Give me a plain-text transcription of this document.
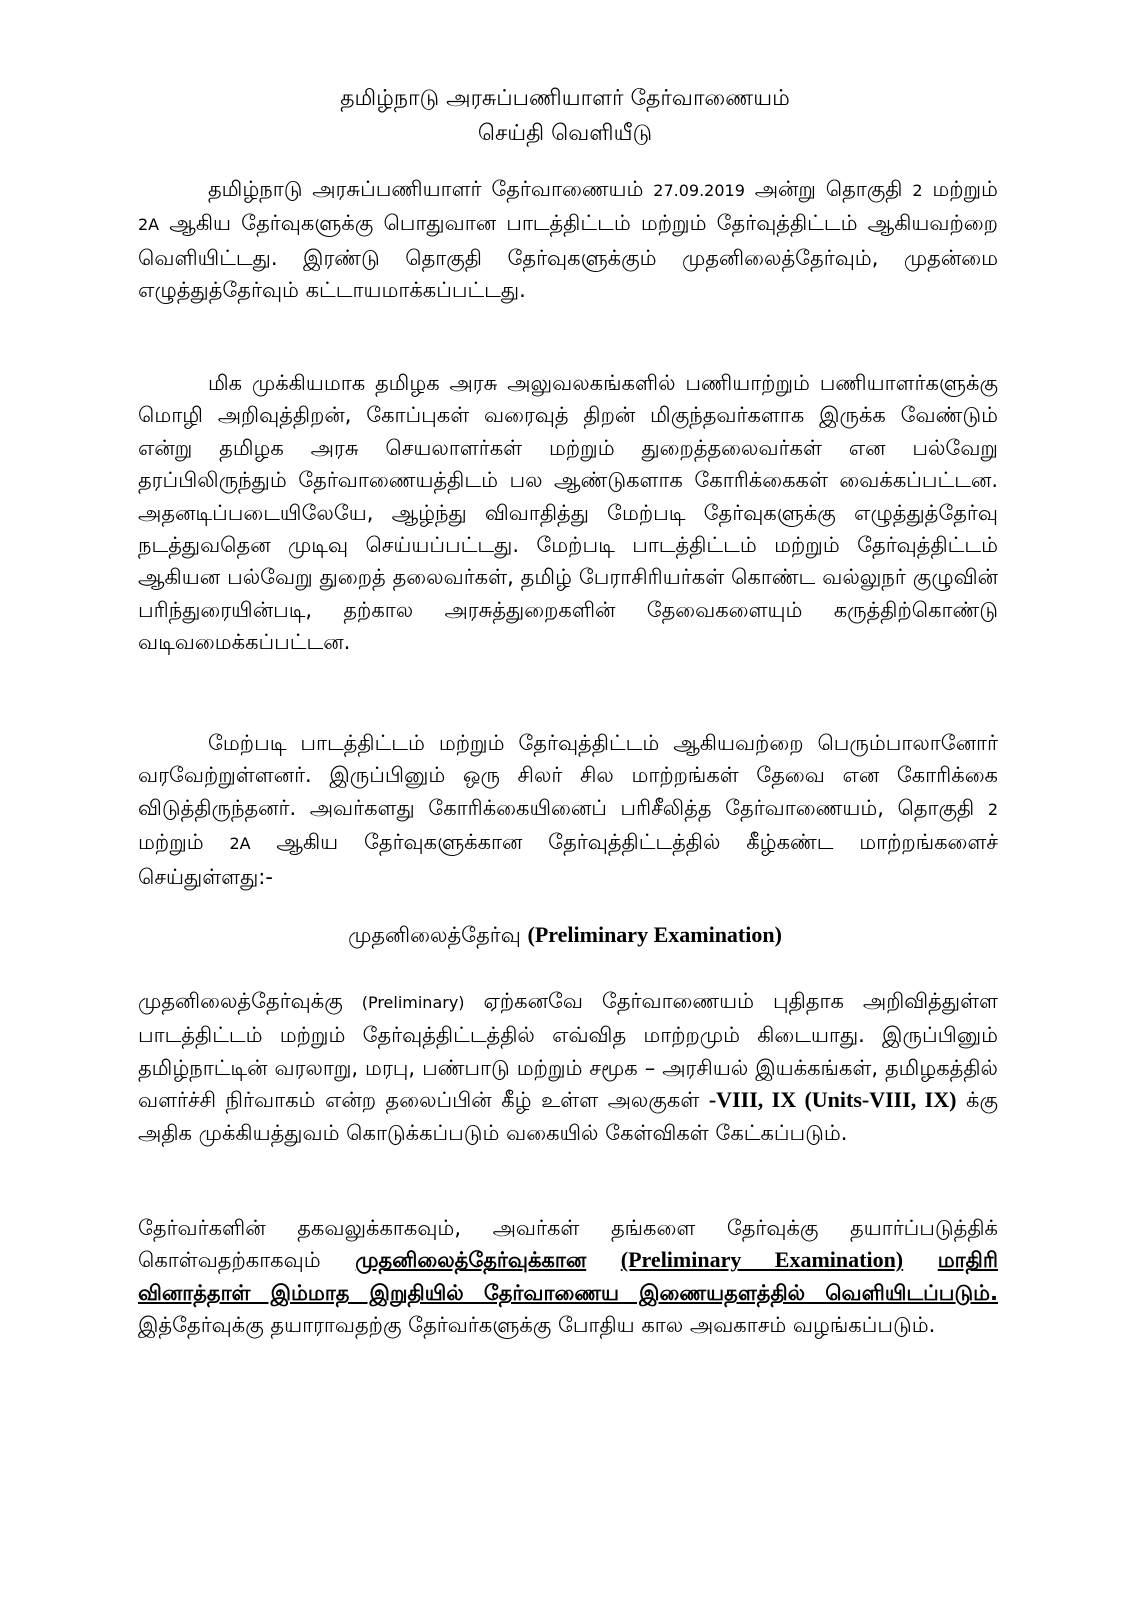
தமிழ்நாடு அரசுப்பணியாளர் தேர்வாணையம்
செய்தி வெளியீடு
தமிழ்நாடு அரசுப்பணியாளர் தேர்வாணையம் 27.09.2019 அன்று தொகுதி 2 மற்றும் 2A ஆகிய தேர்வுகளுக்கு பொதுவான பாடத்திட்டம் மற்றும் தேர்வுத்திட்டம் ஆகியவற்றை வெளியிட்டது. இரண்டு தொகுதி தேர்வுகளுக்கும் முதனிலைத்தேர்வும், முதன்மை எழுத்துத்தேர்வும் கட்டாயமாக்கப்பட்டது.
மிக முக்கியமாக தமிழக அரசு அலுவலகங்களில் பணியாற்றும் பணியாளர்களுக்கு மொழி அறிவுத்திறன், கோப்புகள் வரைவுத் திறன் மிகுந்தவர்களாக இருக்க வேண்டும் என்று தமிழக அரசு செயலாளர்கள் மற்றும் துறைத்தலைவர்கள் என பல்வேறு தரப்பிலிருந்தும் தேர்வாணையத்திடம் பல ஆண்டுகளாக கோரிக்கைகள் வைக்கப்பட்டன. அதனடிப்படையிலேயே, ஆழ்ந்து விவாதித்து மேற்படி தேர்வுகளுக்கு எழுத்துத்தேர்வு நடத்துவதென முடிவு செய்யப்பட்டது. மேற்படி பாடத்திட்டம் மற்றும் தேர்வுத்திட்டம் ஆகியன பல்வேறு துறைத் தலைவர்கள், தமிழ் பேராசிரியர்கள் கொண்ட வல்லுநர் குழுவின் பரிந்துரையின்படி, தற்கால அரசுத்துறைகளின் தேவைகளையும் கருத்திற்கொண்டு வடிவமைக்கப்பட்டன.
மேற்படி பாடத்திட்டம் மற்றும் தேர்வுத்திட்டம் ஆகியவற்றை பெரும்பாலானோர் வரவேற்றுள்ளனர். இருப்பினும் ஒரு சிலர் சில மாற்றங்கள் தேவை என கோரிக்கை விடுத்திருந்தனர். அவர்களது கோரிக்கையினைப் பரிசீலித்த தேர்வாணையம், தொகுதி 2 மற்றும் 2A ஆகிய தேர்வுகளுக்கான தேர்வுத்திட்டத்தில் கீழ்கண்ட மாற்றங்களைச் செய்துள்ளது:-
முதனிலைத்தேர்வு (Preliminary Examination)
முதனிலைத்தேர்வுக்கு (Preliminary) ஏற்கனவே தேர்வாணையம் புதிதாக அறிவித்துள்ள பாடத்திட்டம் மற்றும் தேர்வுத்திட்டத்தில் எவ்வித மாற்றமும் கிடையாது. இருப்பினும் தமிழ்நாட்டின் வரலாறு, மரபு, பண்பாடு மற்றும் சமூக – அரசியல் இயக்கங்கள், தமிழகத்தில் வளர்ச்சி நிர்வாகம் என்ற தலைப்பின் கீழ் உள்ள அலகுகள் -VIII, IX (Units-VIII, IX) க்கு அதிக முக்கியத்துவம் கொடுக்கப்படும் வகையில் கேள்விகள் கேட்கப்படும்.
தேர்வர்களின் தகவலுக்காகவும், அவர்கள் தங்களை தேர்வுக்கு தயார்ப்படுத்திக் கொள்வதற்காகவும் முதனிலைத்தேர்வுக்கான (Preliminary Examination) மாதிரி வினாத்தாள் இம்மாத இறுதியில் தேர்வாணைய இணையதளத்தில் வெளியிடப்படும். இத்தேர்வுக்கு தயாராவதற்கு தேர்வர்களுக்கு போதிய கால அவகாசம் வழங்கப்படும்.
